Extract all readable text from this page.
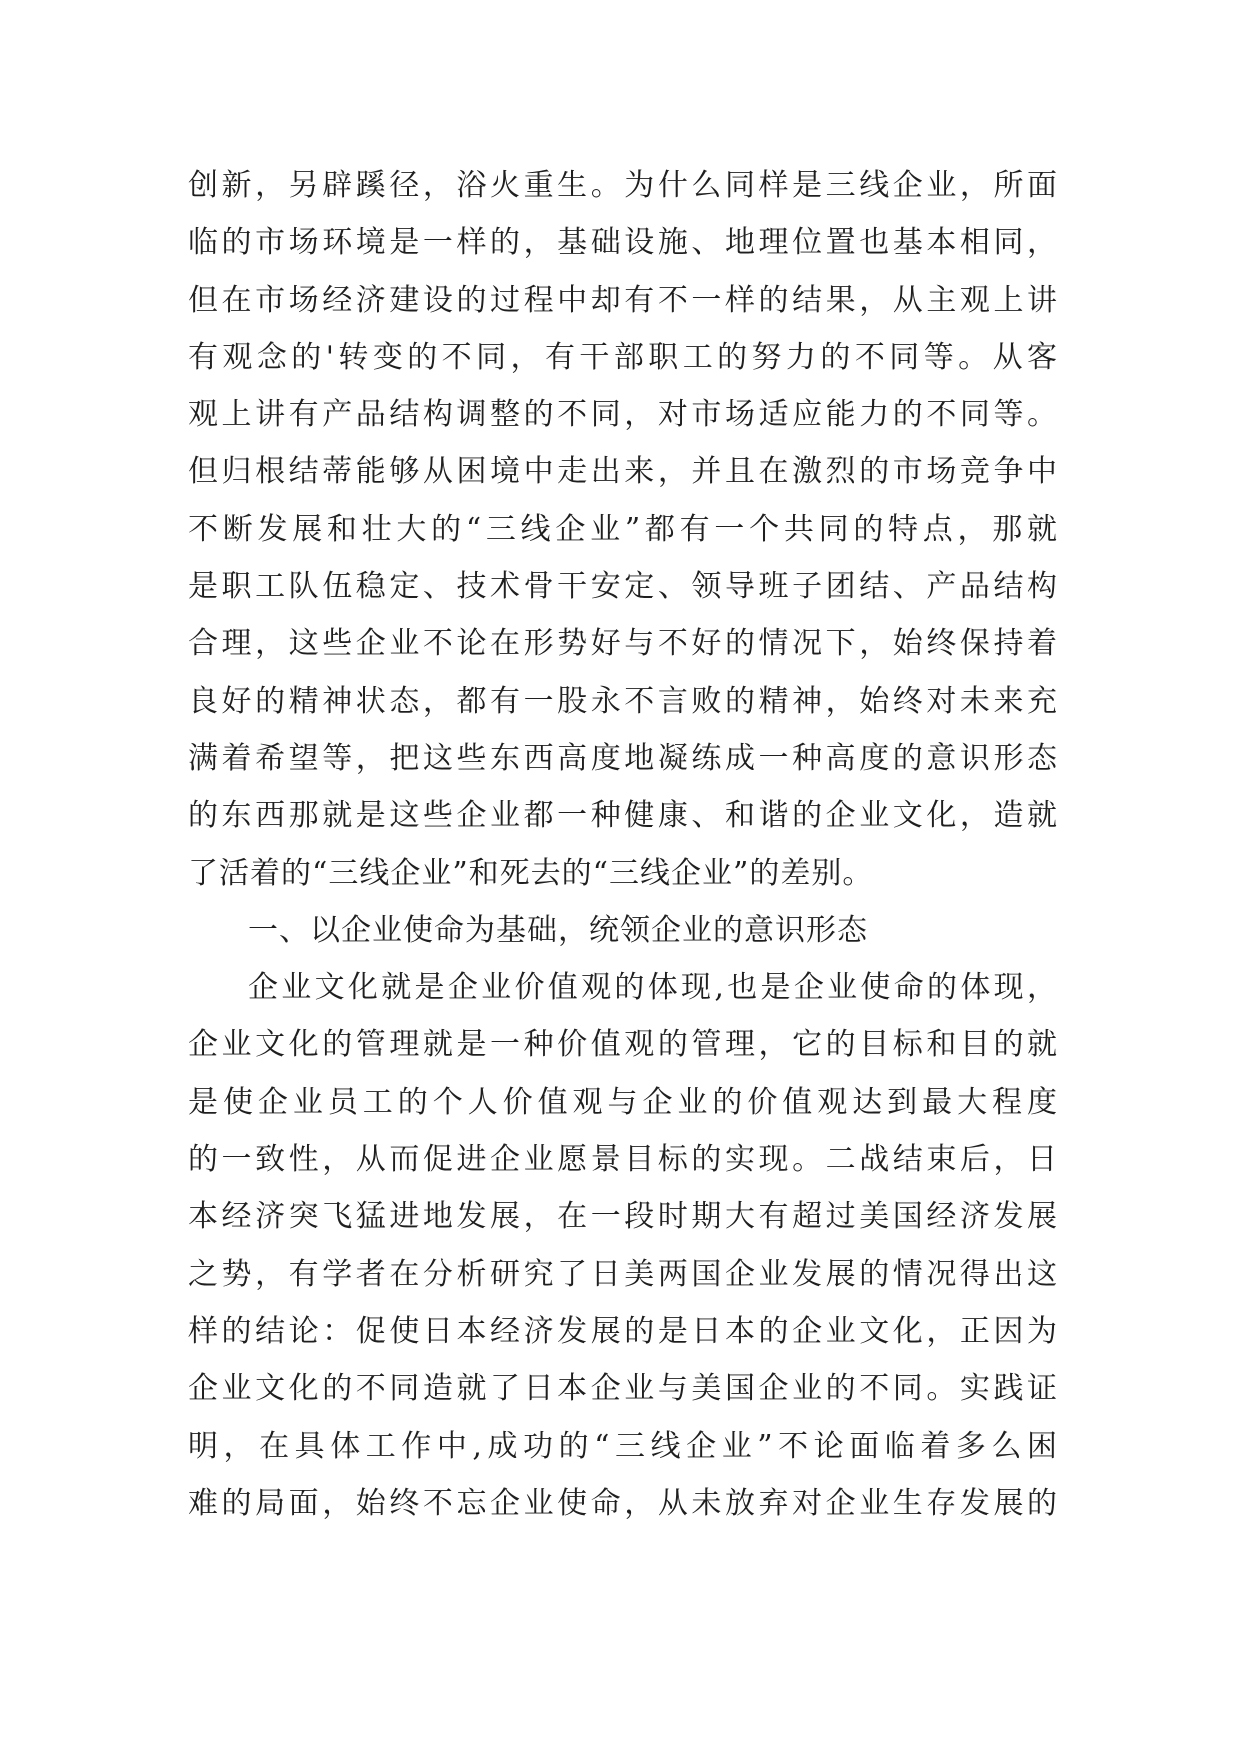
创新，另辟蹊径，浴火重生。为什么同样是三线企业，所面
临的市场环境是一样的，基础设施、地理位置也基本相同，
但在市场经济建设的过程中却有不一样的结果，从主观上讲
有观念的'转变的不同，有干部职工的努力的不同等。从客
观上讲有产品结构调整的不同，对市场适应能力的不同等。
但归根结蒂能够从困境中走出来，并且在激烈的市场竞争中
不断发展和壮大的“三线企业”都有一个共同的特点，那就
是职工队伍稳定、技术骨干安定、领导班子团结、产品结构
合理，这些企业不论在形势好与不好的情况下，始终保持着
良好的精神状态，都有一股永不言败的精神，始终对未来充
满着希望等，把这些东西高度地凝练成一种高度的意识形态
的东西那就是这些企业都一种健康、和谐的企业文化，造就
了活着的“三线企业”和死去的“三线企业”的差别。
一、以企业使命为基础，统领企业的意识形态
企业文化就是企业价值观的体现,也是企业使命的体现，
企业文化的管理就是一种价值观的管理，它的目标和目的就
是使企业员工的个人价值观与企业的价值观达到最大程度
的一致性，从而促进企业愿景目标的实现。二战结束后，日
本经济突飞猛进地发展，在一段时期大有超过美国经济发展
之势，有学者在分析研究了日美两国企业发展的情况得出这
样的结论：促使日本经济发展的是日本的企业文化，正因为
企业文化的不同造就了日本企业与美国企业的不同。实践证
明，在具体工作中,成功的“三线企业”不论面临着多么困
难的局面，始终不忘企业使命，从未放弃对企业生存发展的
